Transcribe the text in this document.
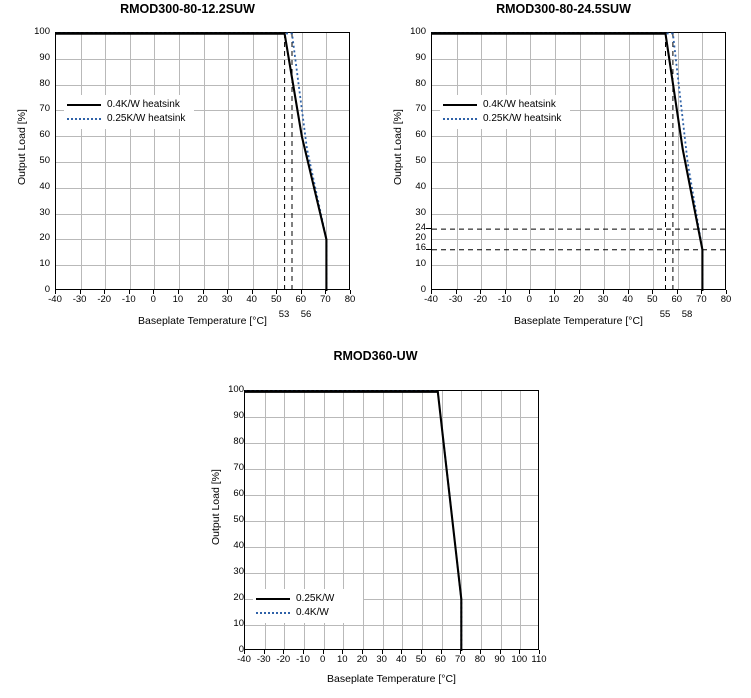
RMOD300-80-12.2SUW
Output Load [%]
0.4K/W heatsink
0.25K/W heatsink
100
90
80
70
60
50
40
30
20
10
0
-40	-30	-20	-10	0	10	20	30	40	50	60	70	80
53	56
Baseplate Temperature [°C]
RMOD300-80-24.5SUW
Output Load [%]
0.4K/W heatsink
0.25K/W heatsink
100
90
80
70
60
50
40
30
24
20
10
0
16
-40	-30	-20	-10	0	10	20	30	40	50	60	70	80
55	58
Baseplate Temperature [°C]
RMOD360-UW
Output Load [%]
0.25K/W
0.4K/W
100
90
80
70
60
50
40
30
20
10
0
-40 -30 -20 -10	0	10 20 30 40 50 60 70 80 90 100 110
Baseplate Temperature [°C]
